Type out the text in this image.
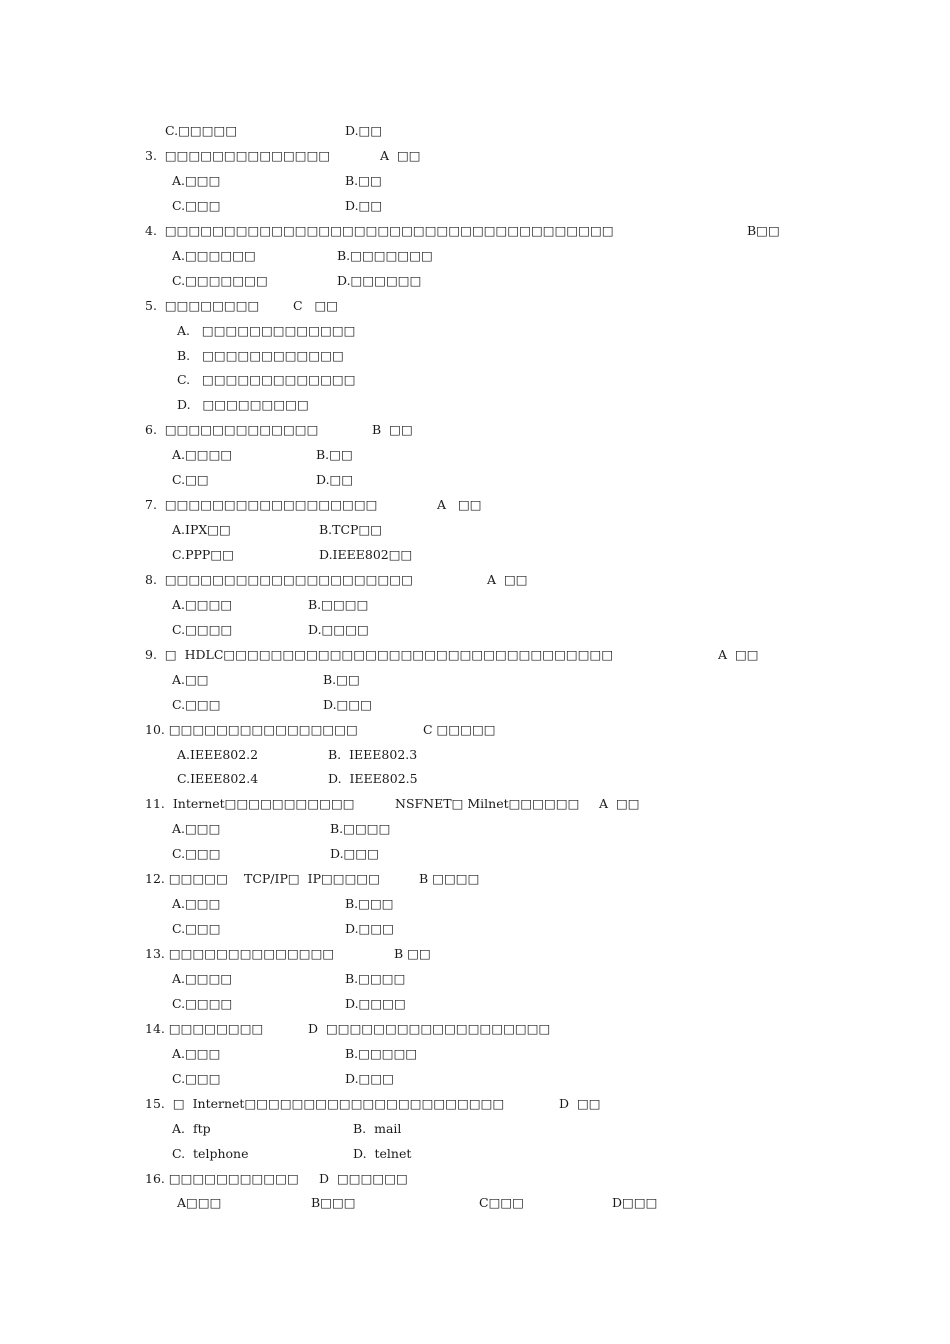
C.□□□□□	D.□□
3.  □□□□□□□□□□□□□□	A  □□
A.□□□	B.□□
C.□□□	D.□□
4.  □□□□□□□□□□□□□□□□□□□□□□□□□□□□□□□□□□□□□□	B□□
A.□□□□□□	B.□□□□□□□
C.□□□□□□□	D.□□□□□□
5.  □□□□□□□□	C   □□
A.   □□□□□□□□□□□□□
B.   □□□□□□□□□□□□
C.   □□□□□□□□□□□□□
D.   □□□□□□□□□
6.  □□□□□□□□□□□□□	B  □□
A.□□□□	B.□□
C.□□	D.□□
7.  □□□□□□□□□□□□□□□□□□	A   □□
A.IPX□□	B.TCP□□
C.PPP□□	D.IEEE802□□
8.  □□□□□□□□□□□□□□□□□□□□□	A  □□
A.□□□□	B.□□□□
C.□□□□	D.□□□□
9.  □  HDLC□□□□□□□□□□□□□□□□□□□□□□□□□□□□□□□□□	A  □□
A.□□	B.□□
C.□□□	D.□□□
10. □□□□□□□□□□□□□□□□	C □□□□□
A.IEEE802.2	B.  IEEE802.3
C.IEEE802.4	D.  IEEE802.5
11.  Internet□□□□□□□□□□□	NSFNET□ Milnet□□□□□□ A  □□
A.□□□	B.□□□□
C.□□□	D.□□□
12. □□□□□ TCP/IP□  IP□□□□□	B □□□□
A.□□□	B.□□□
C.□□□	D.□□□
13. □□□□□□□□□□□□□□	B □□
A.□□□□	B.□□□□
C.□□□□	D.□□□□
14. □□□□□□□□	D  □□□□□□□□□□□□□□□□□□□
A.□□□	B.□□□□□
C.□□□	D.□□□
15.  □  Internet□□□□□□□□□□□□□□□□□□□□□□	D  □□
A.  ftp	B.  mail
C.  telphone	D.  telnet
16. □□□□□□□□□□□ D  □□□□□□
A□□□	B□□□	C□□□	D□□□
